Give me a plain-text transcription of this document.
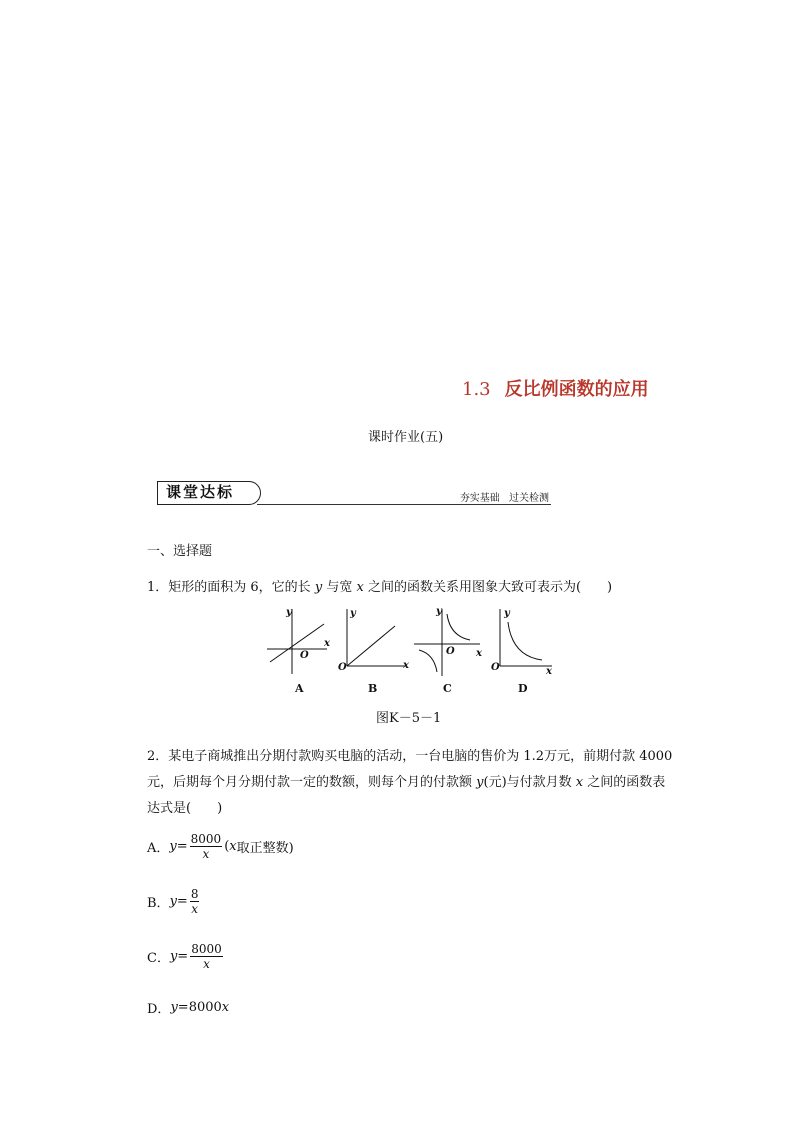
1.3 反比例函数的应用
课时作业(五)
课堂达标	夯实基础 过关检测
一、选择题
1．矩形的面积为 6，它的长 y 与宽 x 之间的函数关系用图象大致可表示为(　　)
y
x
O
y
x
O
y
x
O
y
x
O
A	B	C	D
图K－5－1
2．某电子商城推出分期付款购买电脑的活动，一台电脑的售价为 1.2万元，前期付款 4000 元，后期每个月分期付款一定的数额，则每个月的付款额 y(元)与付款月数 x 之间的函数表达式是(　　)
A． $y= \frac{8000}{x}$ ( x 取正整数)
B． $y= \frac{8}{x}$
C． $y= \frac{8000}{x}$
D． y= 8000 x
